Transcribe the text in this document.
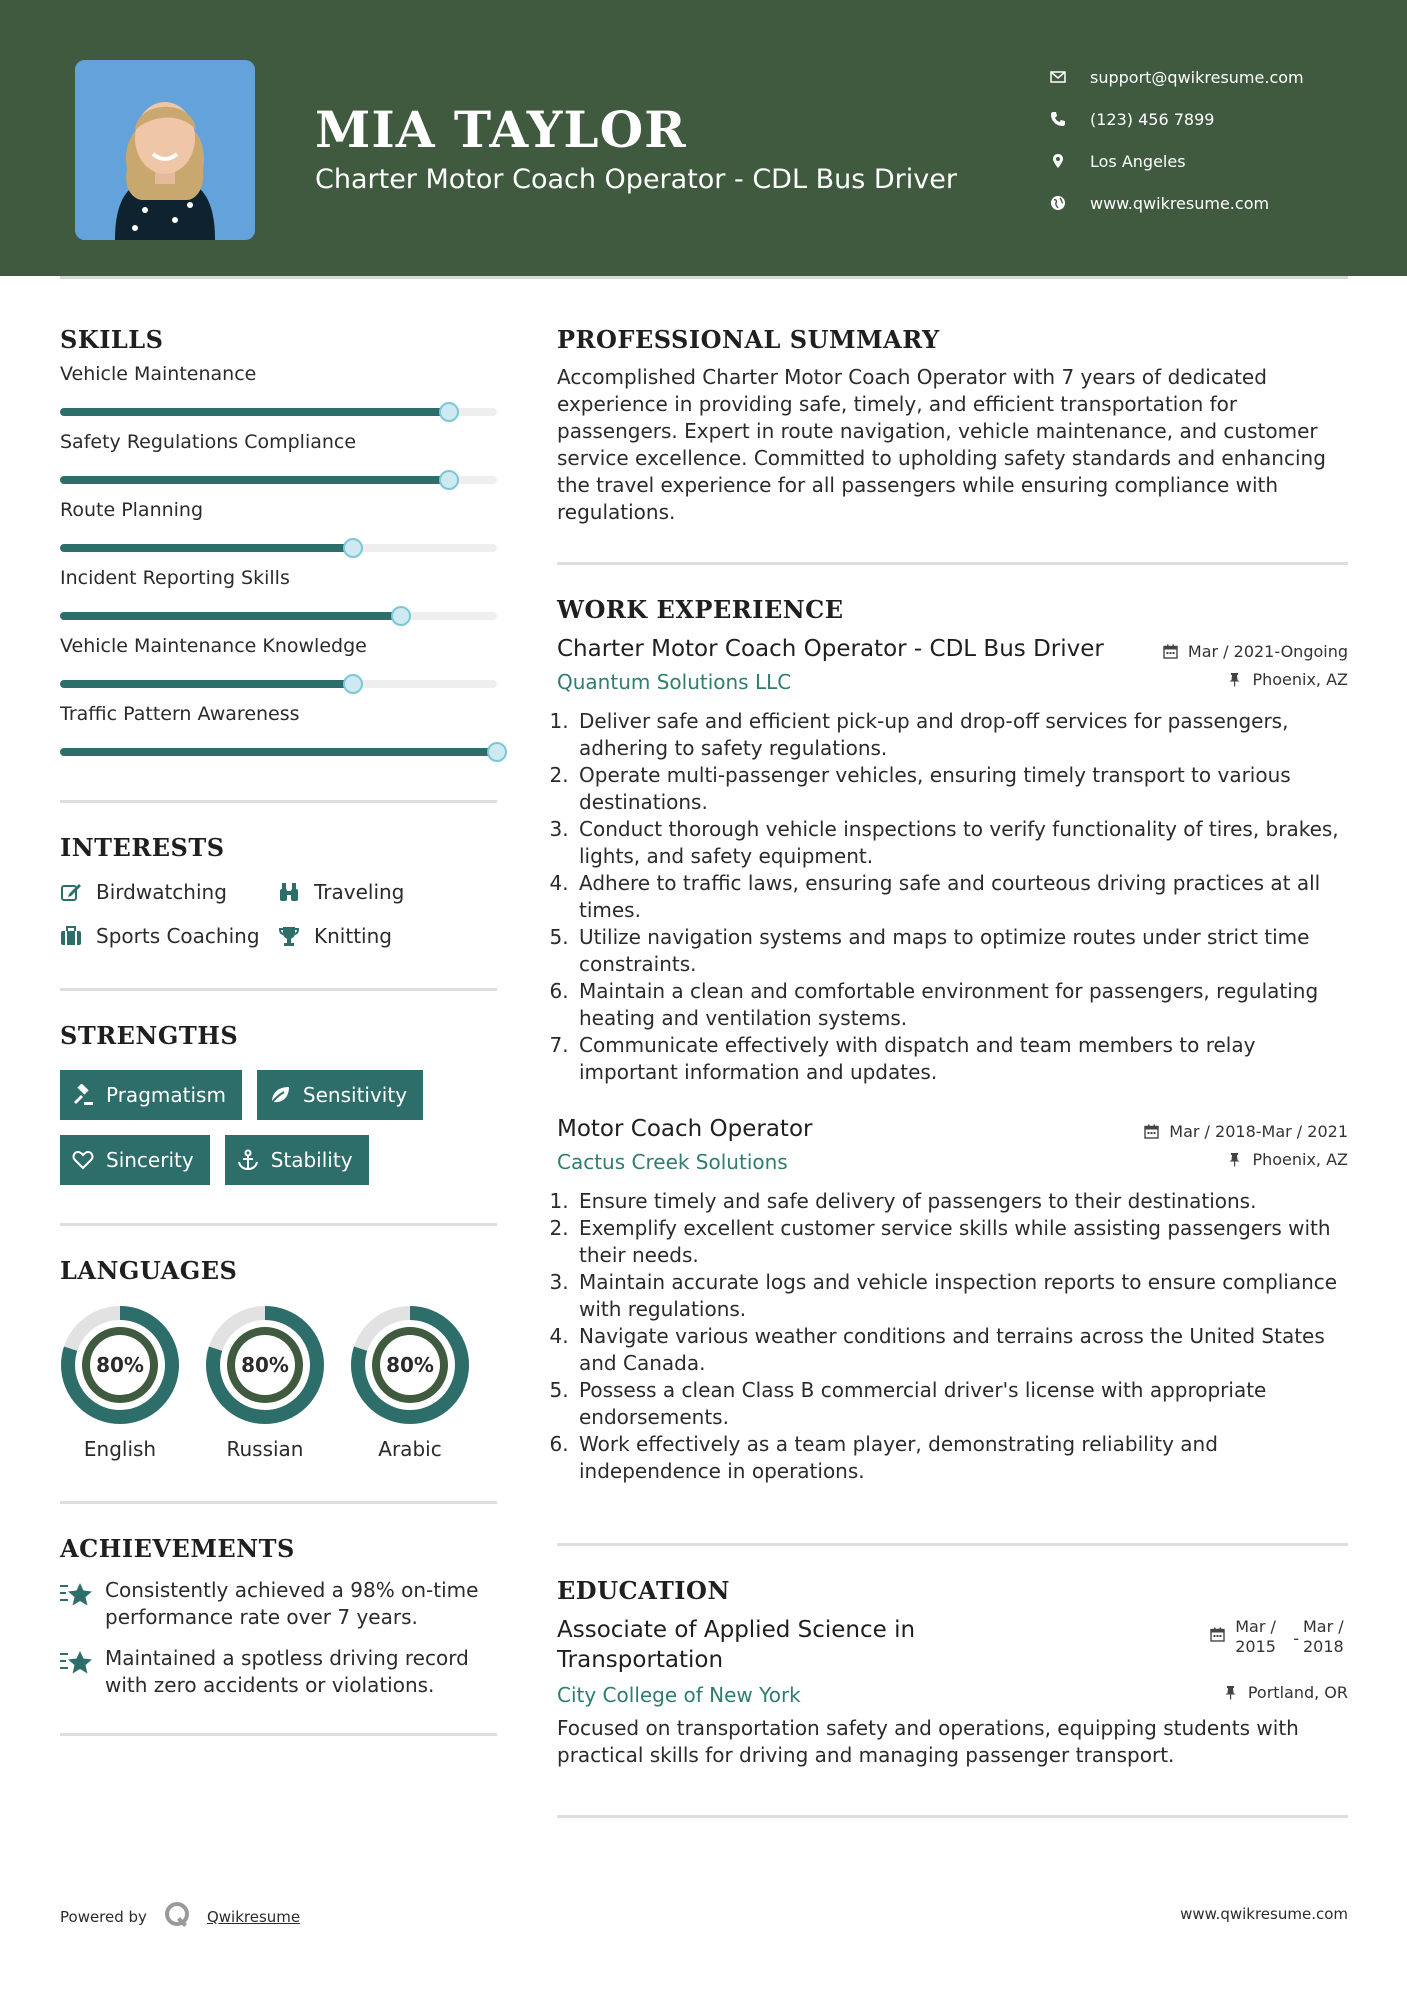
MIA TAYLOR
Charter Motor Coach Operator - CDL Bus Driver
support@qwikresume.com
(123) 456 7899
Los Angeles
www.qwikresume.com
SKILLS
Vehicle Maintenance
Safety Regulations Compliance
Route Planning
Incident Reporting Skills
Vehicle Maintenance Knowledge
Traffic Pattern Awareness
INTERESTS
Birdwatching	Traveling
Sports Coaching	Knitting
STRENGTHS
Pragmatism	Sensitivity
Sincerity	Stability
LANGUAGES
80%
English
80%
Russian
80%
Arabic
ACHIEVEMENTS
Consistently achieved a 98% on-time performance rate over 7 years.
Maintained a spotless driving record with zero accidents or violations.
PROFESSIONAL SUMMARY
Accomplished Charter Motor Coach Operator with 7 years of dedicated experience in providing safe, timely, and efficient transportation for passengers. Expert in route navigation, vehicle maintenance, and customer service excellence. Committed to upholding safety standards and enhancing the travel experience for all passengers while ensuring compliance with regulations.
WORK EXPERIENCE
Charter Motor Coach Operator - CDL Bus Driver	Mar / 2021-Ongoing
Quantum Solutions LLC	Phoenix, AZ
1. Deliver safe and efficient pick-up and drop-off services for passengers, adhering to safety regulations.
2. Operate multi-passenger vehicles, ensuring timely transport to various destinations.
3. Conduct thorough vehicle inspections to verify functionality of tires, brakes, lights, and safety equipment.
4. Adhere to traffic laws, ensuring safe and courteous driving practices at all times.
5. Utilize navigation systems and maps to optimize routes under strict time constraints.
6. Maintain a clean and comfortable environment for passengers, regulating heating and ventilation systems.
7. Communicate effectively with dispatch and team members to relay important information and updates.
Motor Coach Operator	Mar / 2018-Mar / 2021
Cactus Creek Solutions	Phoenix, AZ
1. Ensure timely and safe delivery of passengers to their destinations.
2. Exemplify excellent customer service skills while assisting passengers with their needs.
3. Maintain accurate logs and vehicle inspection reports to ensure compliance with regulations.
4. Navigate various weather conditions and terrains across the United States and Canada.
5. Possess a clean Class B commercial driver's license with appropriate endorsements.
6. Work effectively as a team player, demonstrating reliability and independence in operations.
EDUCATION
Associate of Applied Science in Transportation
Mar /
2015	-
Mar /
2018
City College of New York	Portland, OR
Focused on transportation safety and operations, equipping students with practical skills for driving and managing passenger transport.
Powered by	Qwikresume	www.qwikresume.com
